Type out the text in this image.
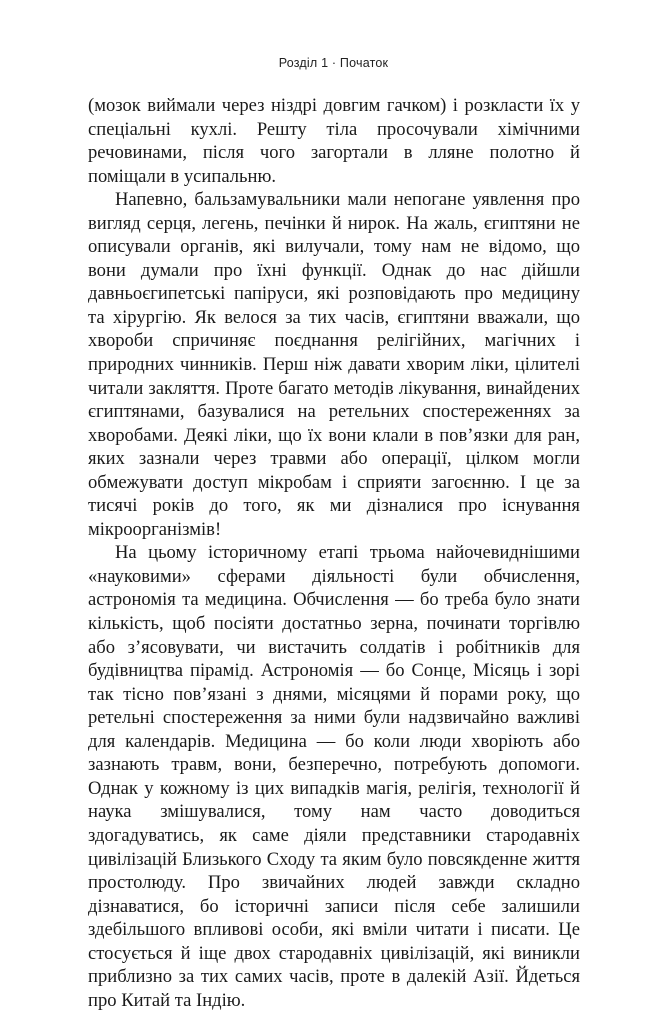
Розділ 1 · Початок

(мозок виймали через ніздрі довгим гачком) і розкласти їх у спеціальні кухлі. Решту тіла просочували хімічними речовинами, після чого загортали в лляне полотно й поміщали в усипальню.

Напевно, бальзамувальники мали непогане уявлення про вигляд серця, легень, печінки й нирок. На жаль, єгиптяни не описували органів, які вилучали, тому нам не відомо, що вони думали про їхні функції. Однак до нас дійшли давньоєгипетські папіруси, які розповідають про медицину та хірургію. Як велося за тих часів, єгиптяни вважали, що хвороби спричиняє поєднання релігійних, магічних і природних чинників. Перш ніж давати хворим ліки, цілителі читали закляття. Проте багато методів лікування, винайдених єгиптянами, базувалися на ретельних спостереженнях за хворобами. Деякі ліки, що їх вони клали в пов’язки для ран, яких зазнали через травми або операції, цілком могли обмежувати доступ мікробам і сприяти загоєнню. І це за тисячі років до того, як ми дізналися про існування мікроорганізмів!

На цьому історичному етапі трьома найочевиднішими «науковими» сферами діяльності були обчислення, астрономія та медицина. Обчислення — бо треба було знати кількість, щоб посіяти достатньо зерна, починати торгівлю або з’ясовувати, чи вистачить солдатів і робітників для будівництва пірамід. Астрономія — бо Сонце, Місяць і зорі так тісно пов’язані з днями, місяцями й порами року, що ретельні спостереження за ними були надзвичайно важливі для календарів. Медицина — бо коли люди хворіють або зазнають травм, вони, безперечно, потребують допомоги. Однак у кожному із цих випадків магія, релігія, технології й наука змішувалися, тому нам часто доводиться здогадуватись, як саме діяли представники стародавніх цивілізацій Близького Сходу та яким було повсякденне життя простолюду. Про звичайних людей завжди складно дізнаватися, бо історичні записи після себе залишили здебільшого впливові особи, які вміли читати і писати. Це стосується й іще двох стародавніх цивілізацій, які виникли приблизно за тих самих часів, проте в далекій Азії. Йдеться про Китай та Індію.
